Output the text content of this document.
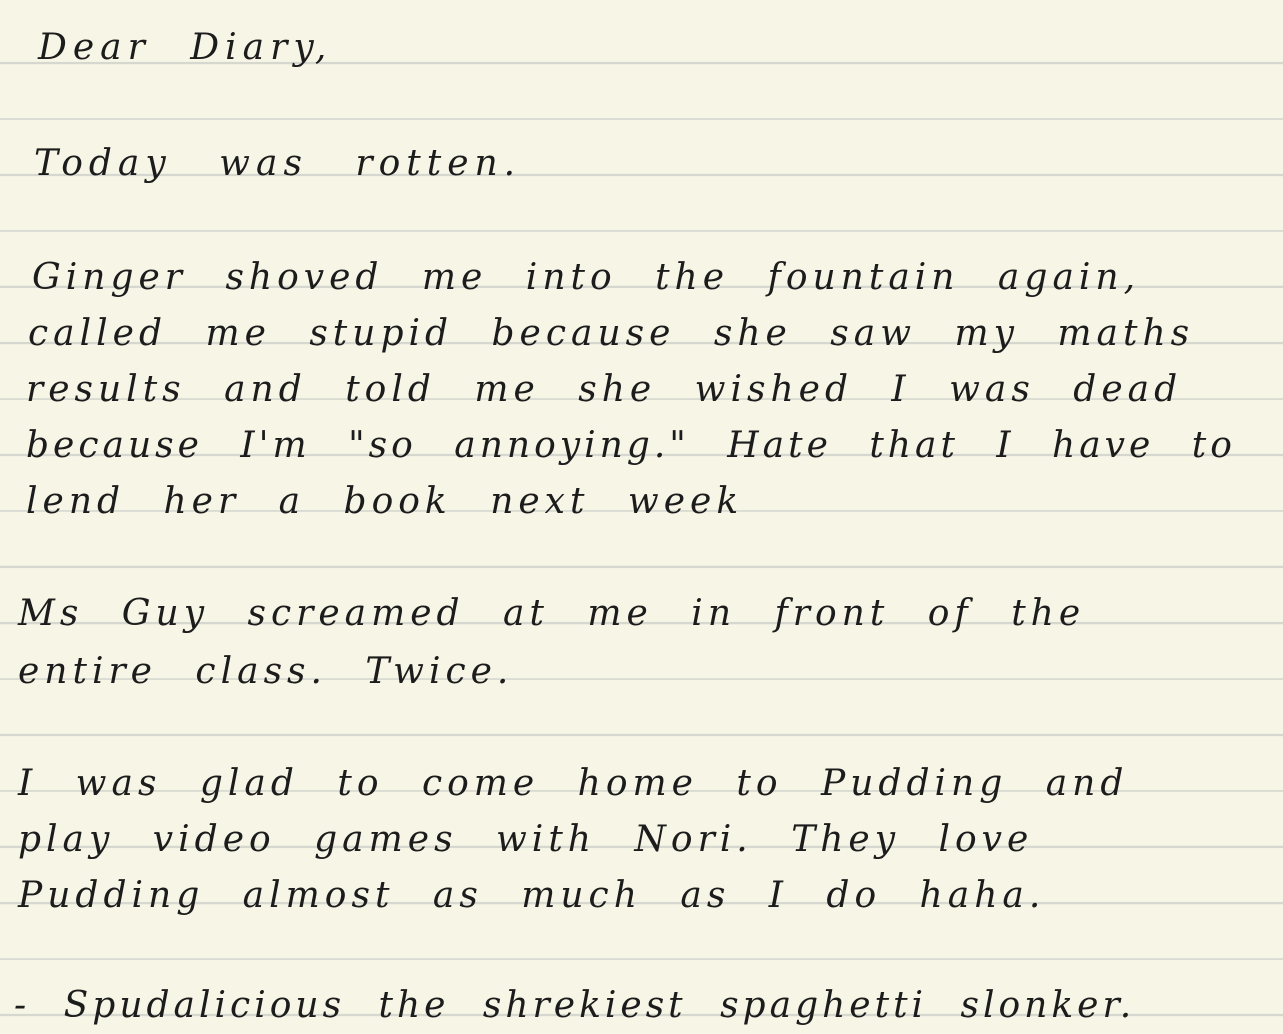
Dear Diary,
Today was rotten.
Ginger shoved me into the fountain again,
called me stupid because she saw my maths
results and told me she wished I was dead
because I'm "so annoying." Hate that I have to
lend her a book next week
Ms Guy screamed at me in front of the
entire class. Twice.
I was glad to come home to Pudding and
play video games with Nori. They love
Pudding almost as much as I do haha.
- Spudalicious the shrekiest spaghetti slonker.
